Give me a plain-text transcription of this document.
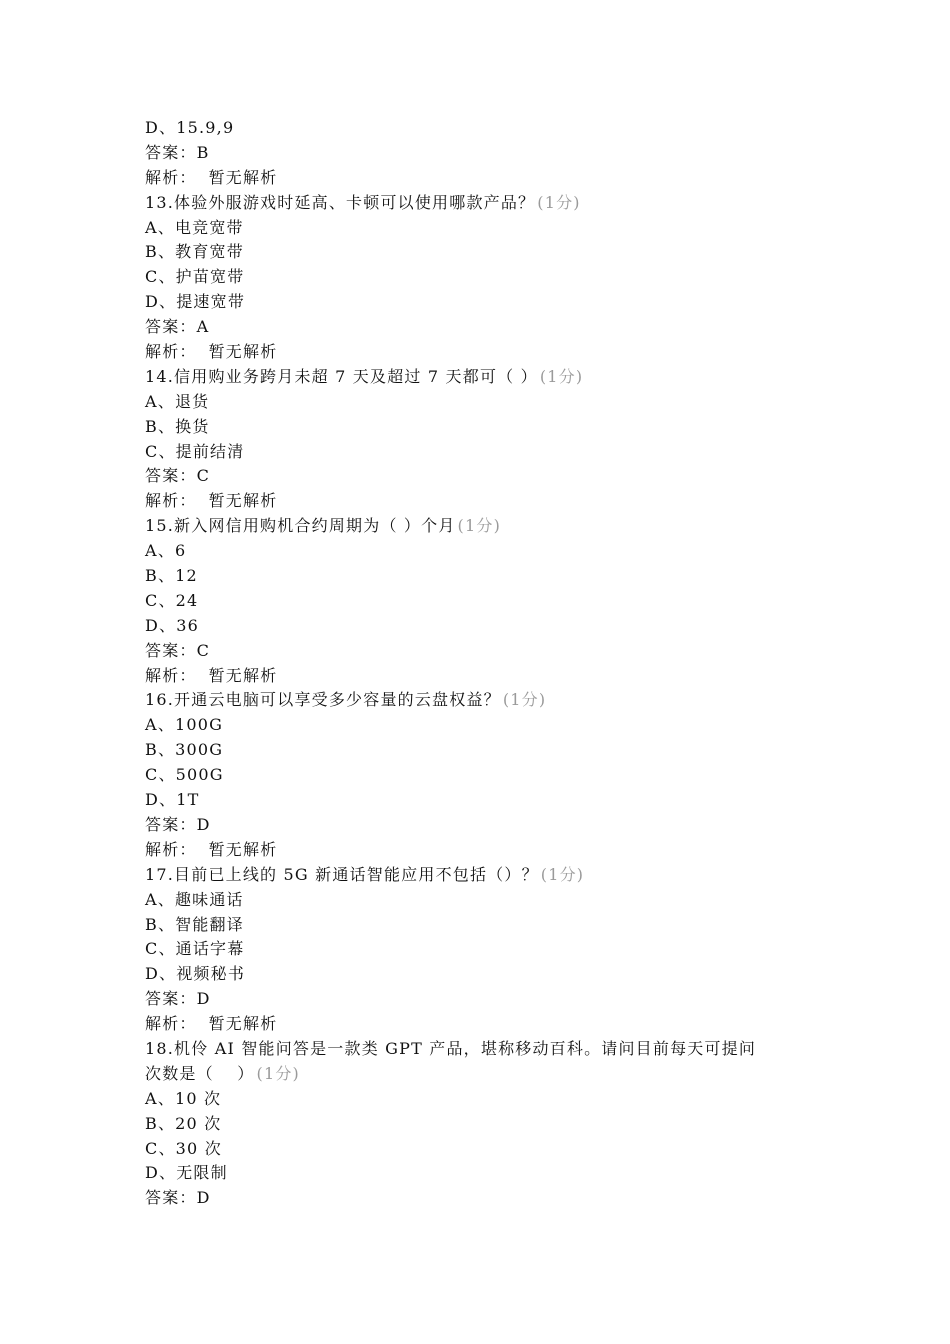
D、15.9,9
答案：B
解析： 暂无解析
13.体验外服游戏时延高、卡顿可以使用哪款产品？ (1分)
A、电竞宽带
B、教育宽带
C、护苗宽带
D、提速宽带
答案：A
解析： 暂无解析
14.信用购业务跨月未超 7 天及超过 7 天都可（ ） (1分)
A、退货
B、换货
C、提前结清
答案：C
解析： 暂无解析
15.新入网信用购机合约周期为（ ）个月 (1分)
A、6
B、12
C、24
D、36
答案：C
解析： 暂无解析
16.开通云电脑可以享受多少容量的云盘权益？ (1分)
A、100G
B、300G
C、500G
D、1T
答案：D
解析： 暂无解析
17.目前已上线的 5G 新通话智能应用不包括（）？ (1分)
A、趣味通话
B、智能翻译
C、通话字幕
D、视频秘书
答案：D
解析： 暂无解析
18.机伶 AI 智能问答是一款类 GPT 产品，堪称移动百科。请问目前每天可提问
次数是（　 ） (1分)
A、10 次
B、20 次
C、30 次
D、无限制
答案：D
